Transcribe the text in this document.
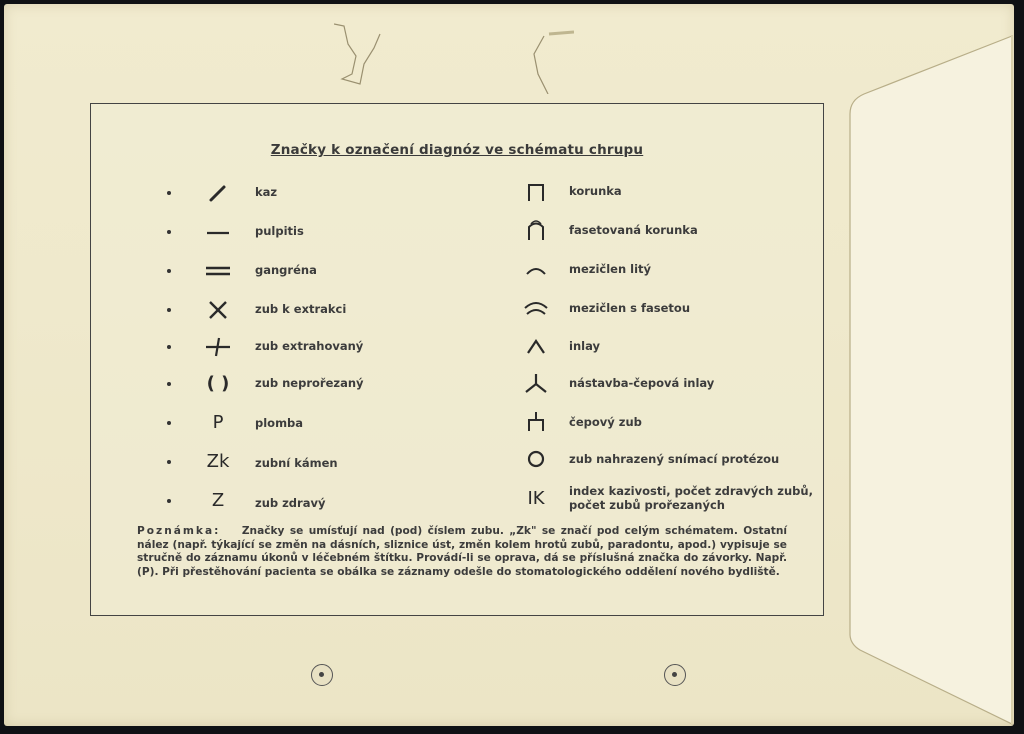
Značky k označení diagnóz ve schématu chrupu
kaz
pulpitis
gangréna
zub k extrakci
zub extrahovaný
( )	zub neprořezaný
P	plomba
Zk	zubní kámen
Z	zub zdravý
korunka
fasetovaná korunka
mezičlen litý
mezičlen s fasetou
inlay
nástavba-čepová inlay
čepový zub
zub nahrazený snímací protézou
IK	index kazivosti, počet zdravých zubů,
počet zubů prořezaných
Poznámka: Značky se umísťují nad (pod) číslem zubu. „Zk" se značí pod celým schématem. Ostatní nález (např. týkající se změn na dásních, sliznice úst, změn kolem hrotů zubů, paradontu, apod.) vypisuje se stručně do záznamu úkonů v léčebném štítku. Provádí-li se oprava, dá se příslušná značka do závorky. Např. (P). Při přestěhování pacienta se obálka se záznamy odešle do stomatologického oddělení nového bydliště.
